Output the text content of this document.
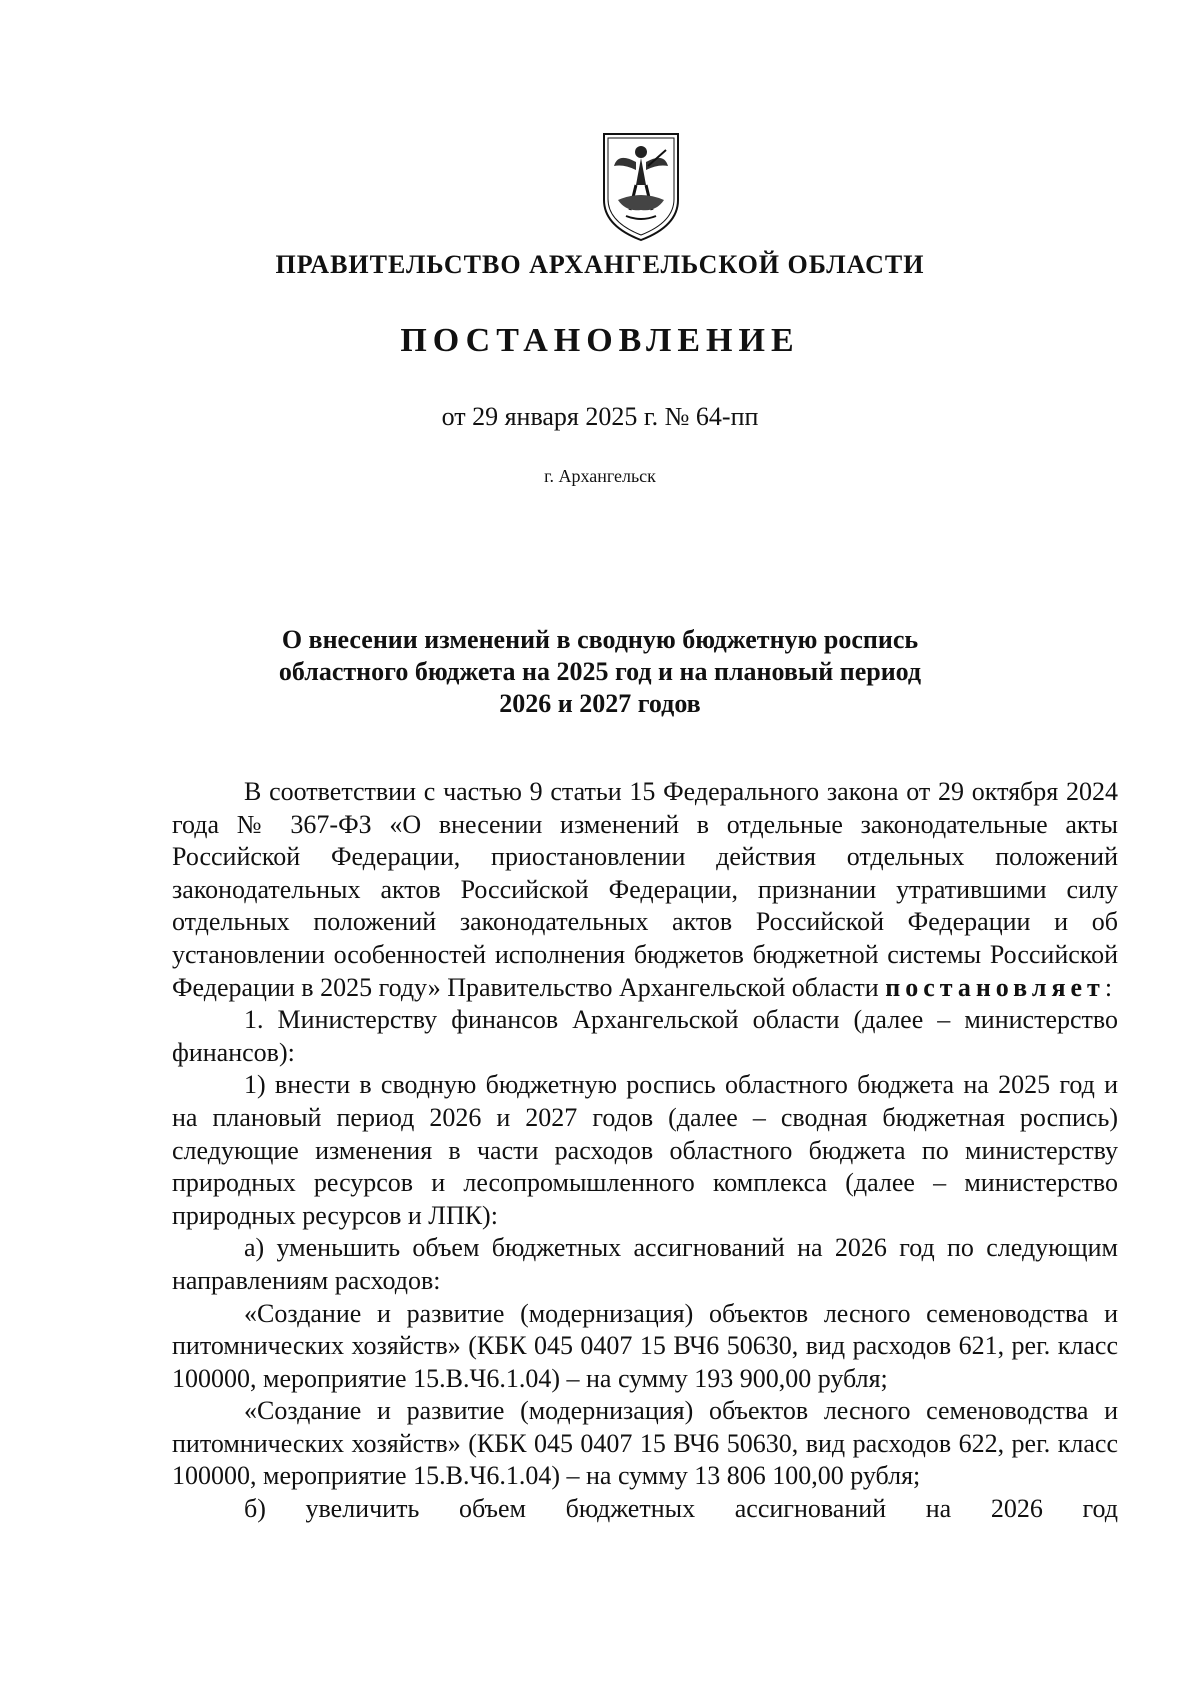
ПРАВИТЕЛЬСТВО АРХАНГЕЛЬСКОЙ ОБЛАСТИ
ПОСТАНОВЛЕНИЕ
от 29 января 2025 г. № 64-пп
г. Архангельск
О внесении изменений в сводную бюджетную роспись
областного бюджета на 2025 год и на плановый период
2026 и 2027 годов

В соответствии с частью 9 статьи 15 Федерального закона от 29 октября 2024 года № 367-ФЗ «О внесении изменений в отдельные законодательные акты Российской Федерации, приостановлении действия отдельных положений законодательных актов Российской Федерации, признании утратившими силу отдельных положений законодательных актов Российской Федерации и об установлении особенностей исполнения бюджетов бюджетной системы Российской Федерации в 2025 году» Правительство Архангельской области постановляет:

1. Министерству финансов Архангельской области (далее – министерство финансов):

1) внести в сводную бюджетную роспись областного бюджета на 2025 год и на плановый период 2026 и 2027 годов (далее – сводная бюджетная роспись) следующие изменения в части расходов областного бюджета по министерству природных ресурсов и лесопромышленного комплекса (далее – министерство природных ресурсов и ЛПК):

а) уменьшить объем бюджетных ассигнований на 2026 год по следующим направлениям расходов:

«Создание и развитие (модернизация) объектов лесного семеноводства и питомнических хозяйств» (КБК 045 0407 15 ВЧ6 50630, вид расходов 621, рег. класс 100000, мероприятие 15.В.Ч6.1.04) – на сумму 193 900,00 рубля;

«Создание и развитие (модернизация) объектов лесного семеноводства и питомнических хозяйств» (КБК 045 0407 15 ВЧ6 50630, вид расходов 622, рег. класс 100000, мероприятие 15.В.Ч6.1.04) – на сумму 13 806 100,00 рубля;

б) увеличить объем бюджетных ассигнований на 2026 год
